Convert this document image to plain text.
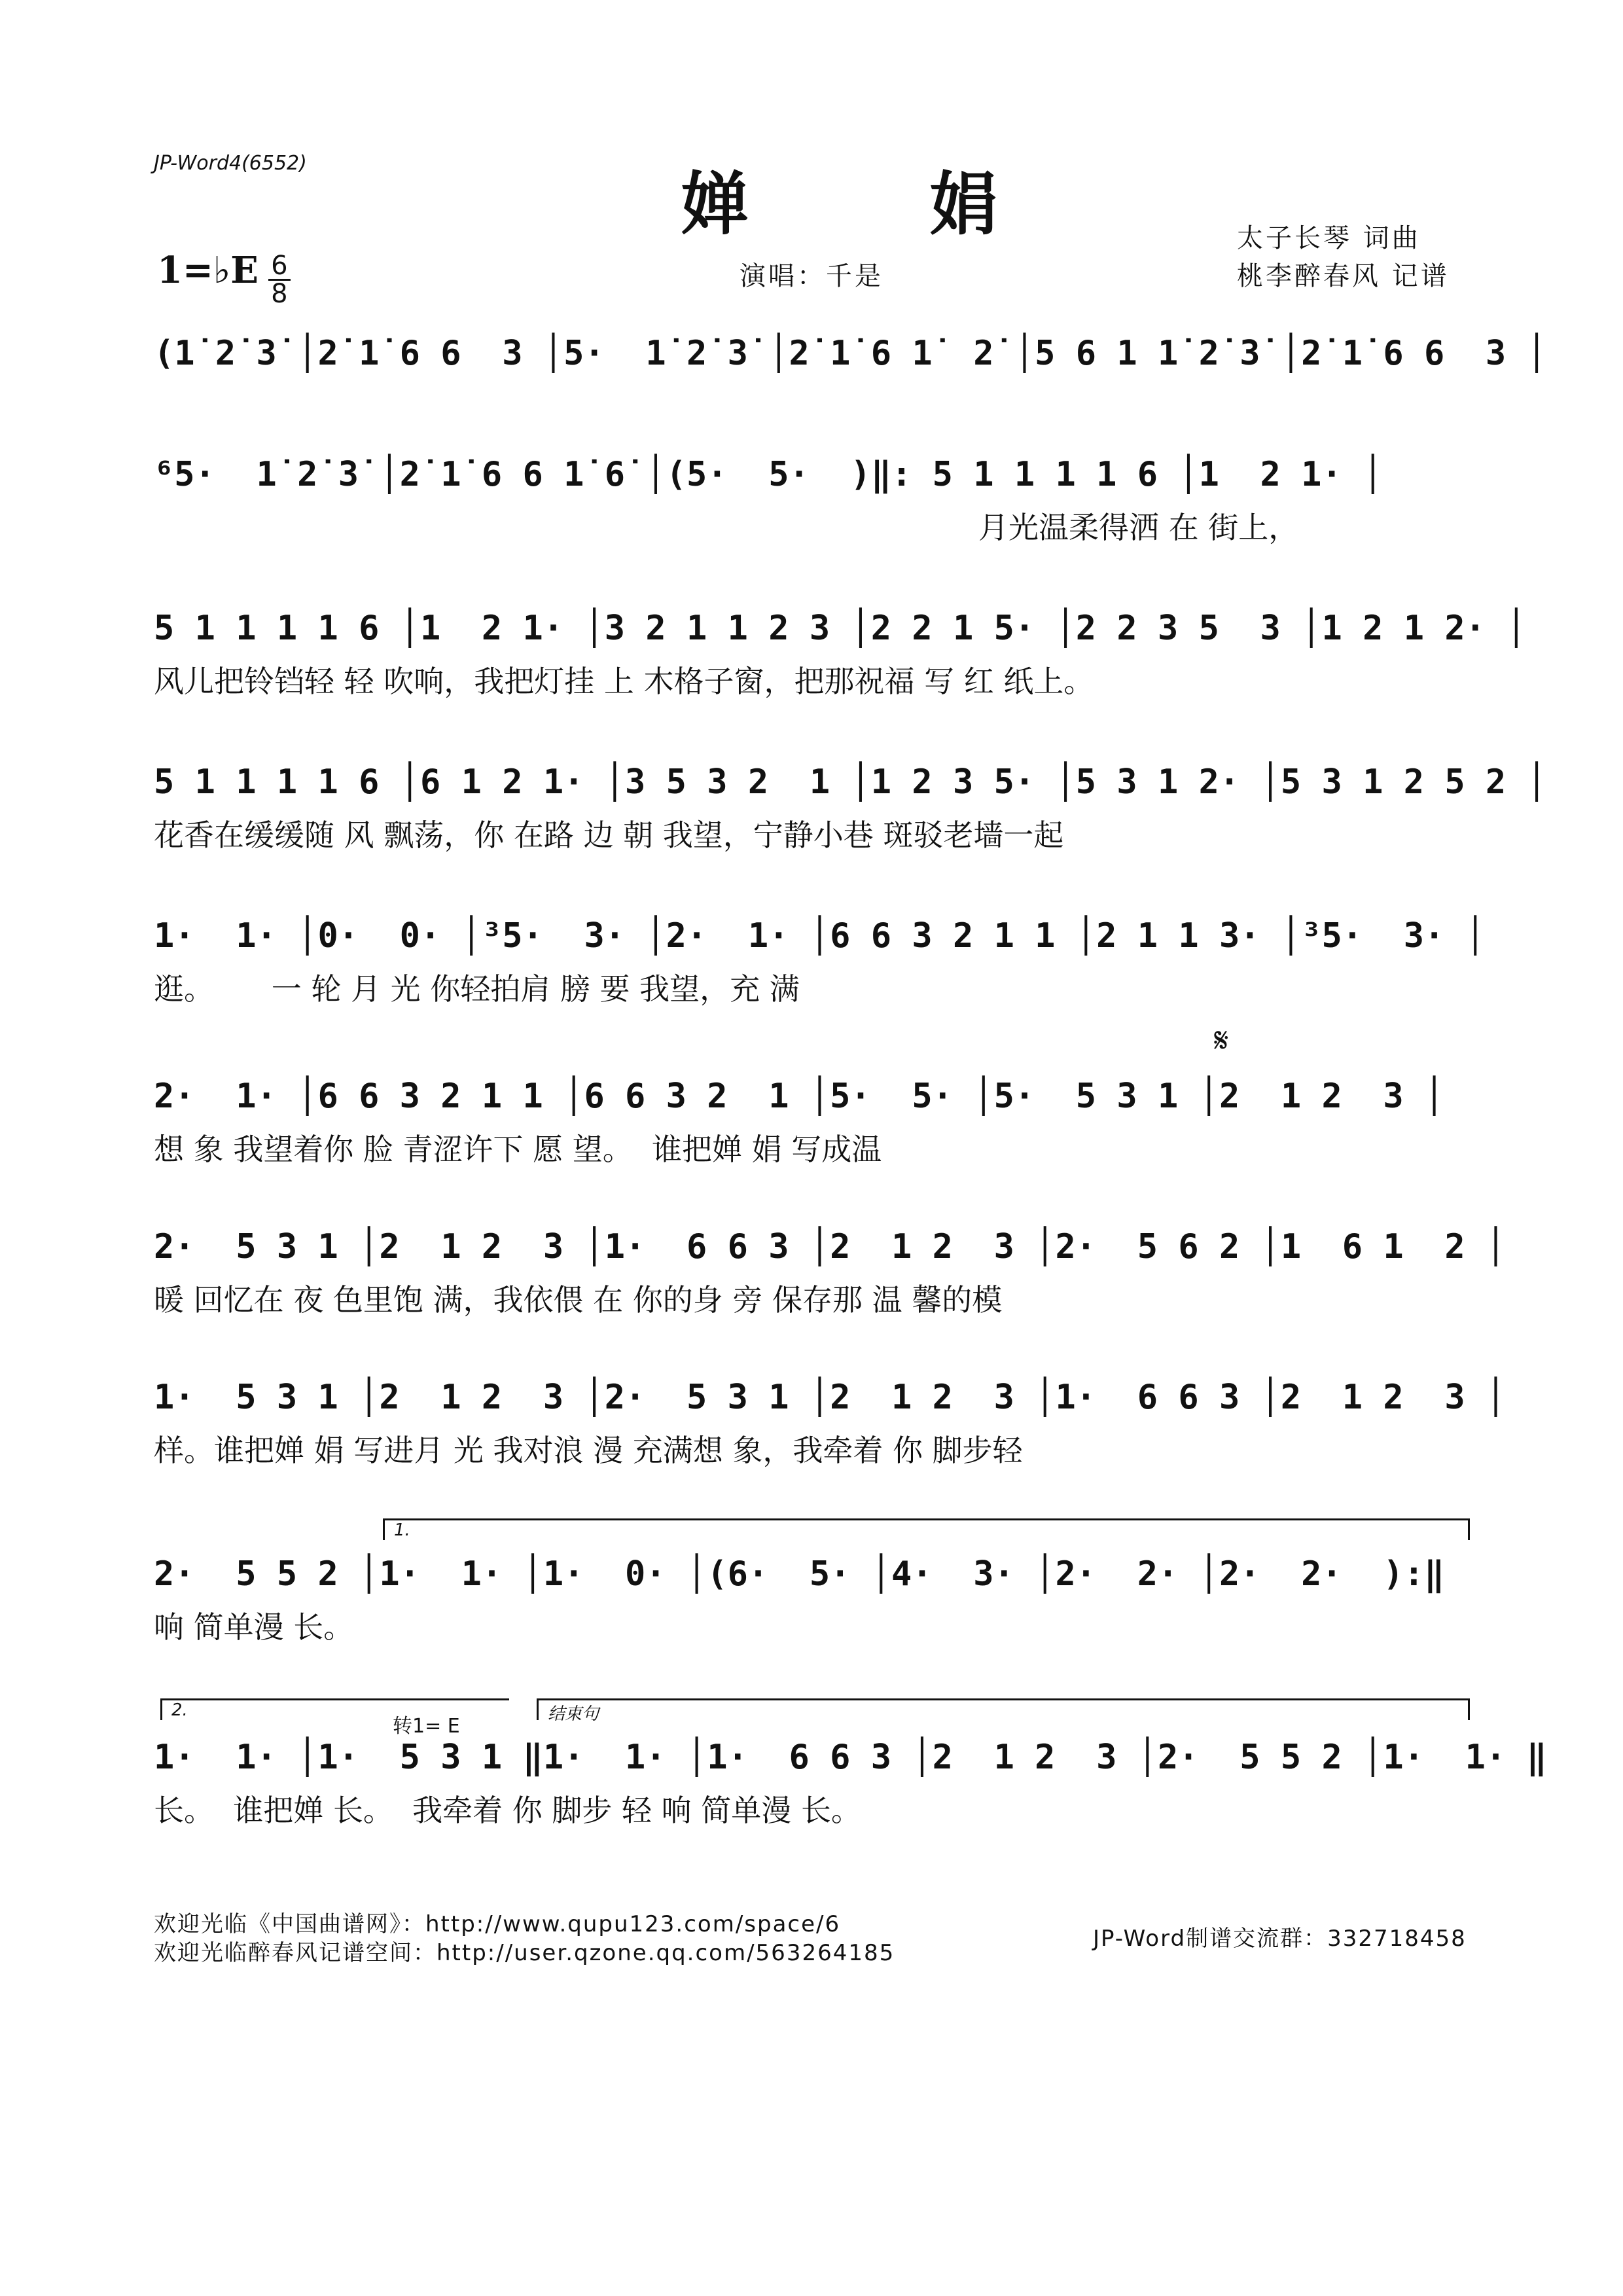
JP-Word4(6552)
婵 娟	太子长琴 词曲
桃李醉春风 记谱
演唱：千是
1=♭E $\frac{6}{8}$
(1̇ 2̇ 3̇ │2̇ 1̇ 6 6  3 │5·  1̇ 2̇ 3̇ │2̇ 1̇ 6 1̇  2̇ │5 6 1 1̇ 2̇ 3̇ │2̇ 1̇ 6 6  3 │
⁶5·  1̇ 2̇ 3̇ │2̇ 1̇ 6 6 1̇ 6̇ │(5·  5·  )‖: 5 1 1 1 1 6 │1  2 1· │
月光温柔得洒 在 街上，
5 1 1 1 1 6 │1  2 1· │3 2 1 1 2 3 │2 2 1 5· │2 2 3 5  3 │1 2 1 2· │
风儿把铃铛轻 轻 吹响，我把灯挂 上 木格子窗，把那祝福 写 红 纸上。
5 1 1 1 1 6 │6 1 2 1· │3 5 3 2  1 │1 2 3 5· │5 3 1 2· │5 3 1 2 5 2 │
花香在缓缓随 风 飘荡，你 在路 边 朝 我望，宁静小巷 斑驳老墙一起
1·  1· │0·  0· │³5·  3· │2·  1· │6 6 3 2 1 1 │2 1 1 3· │³5·  3· │
逛。      一 轮 月 光 你轻拍肩 膀 要 我望，充 满
𝄋
2·  1· │6 6 3 2 1 1 │6 6 3 2  1 │5·  5· │5·  5 3 1 │2  1 2  3 │
想 象 我望着你 脸 青涩许下 愿 望。  谁把婵 娟 写成温
2·  5 3 1 │2  1 2  3 │1·  6 6 3 │2  1 2  3 │2·  5 6 2 │1  6 1  2 │
暖 回忆在 夜 色里饱 满，我依偎 在 你的身 旁 保存那 温 馨的模
1·  5 3 1 │2  1 2  3 │2·  5 3 1 │2  1 2  3 │1·  6 6 3 │2  1 2  3 │
样。谁把婵 娟 写进月 光 我对浪 漫 充满想 象，我牵着 你 脚步轻
1.
2·  5 5 2 │1·  1· │1·  0· │(6·  5· │4·  3· │2·  2· │2·  2·  ):‖
响 简单漫 长。
2.
转1= E
结束句
1·  1· │1·  5 3 1 ‖1·  1· │1·  6 6 3 │2  1 2  3 │2·  5 5 2 │1·  1· ‖
长。  谁把婵 长。  我牵着 你 脚步 轻 响 简单漫 长。
欢迎光临《中国曲谱网》：http://www.qupu123.com/space/6
欢迎光临醉春风记谱空间：http://user.qzone.qq.com/563264185
JP-Word制谱交流群：332718458
